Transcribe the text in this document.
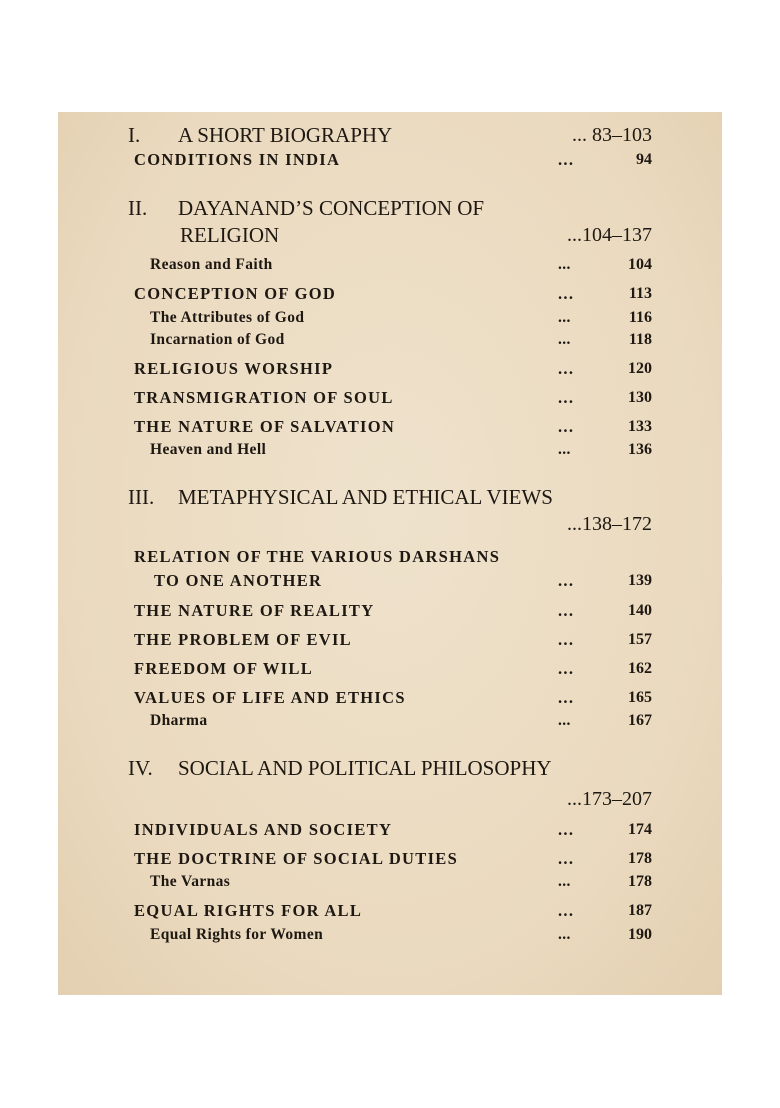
I. A SHORT BIOGRAPHY	... 83–103
CONDITIONS IN INDIA	...	94
II. DAYANAND’S CONCEPTION OF
RELIGION	...104–137
Reason and Faith	...	104
CONCEPTION OF GOD	...	113
The Attributes of God	...	116
Incarnation of God	...	118
RELIGIOUS WORSHIP	...	120
TRANSMIGRATION OF SOUL	...	130
THE NATURE OF SALVATION	...	133
Heaven and Hell	...	136
III. METAPHYSICAL AND ETHICAL VIEWS
...138–172
RELATION OF THE VARIOUS DARSHANS
TO ONE ANOTHER	...	139
THE NATURE OF REALITY	...	140
THE PROBLEM OF EVIL	...	157
FREEDOM OF WILL	...	162
VALUES OF LIFE AND ETHICS	...	165
Dharma	...	167
IV. SOCIAL AND POLITICAL PHILOSOPHY
...173–207
INDIVIDUALS AND SOCIETY	...	174
THE DOCTRINE OF SOCIAL DUTIES	...	178
The Varnas	...	178
EQUAL RIGHTS FOR ALL	...	187
Equal Rights for Women	...	190
